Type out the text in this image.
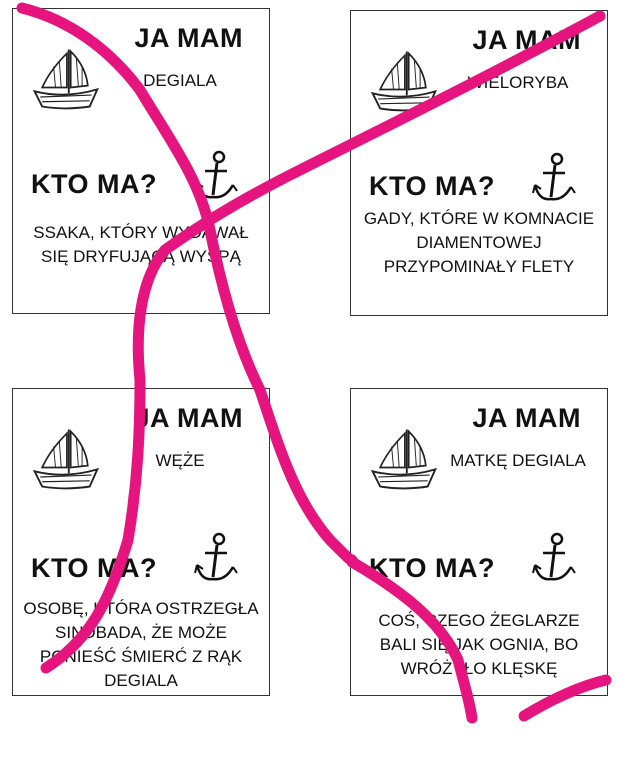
JA MAM
DEGIALA
KTO MA?
SSAKA, KTÓRY WYDAWAŁ SIĘ DRYFUJĄCĄ WYSPĄ
JA MAM
WIELORYBA
KTO MA?
GADY, KTÓRE W KOMNACIE DIAMENTOWEJ PRZYPOMINAŁY FLETY
JA MAM
WĘŻE
KTO MA?
OSOBĘ, KTÓRA OSTRZEGŁA SINDBADA, ŻE MOŻE PONIEŚĆ ŚMIERĆ Z RĄK DEGIALA
JA MAM
MATKĘ DEGIALA
KTO MA?
COŚ, CZEGO ŻEGLARZE BALI SIĘ JAK OGNIA, BO WRÓŻYŁO KLĘSKĘ
